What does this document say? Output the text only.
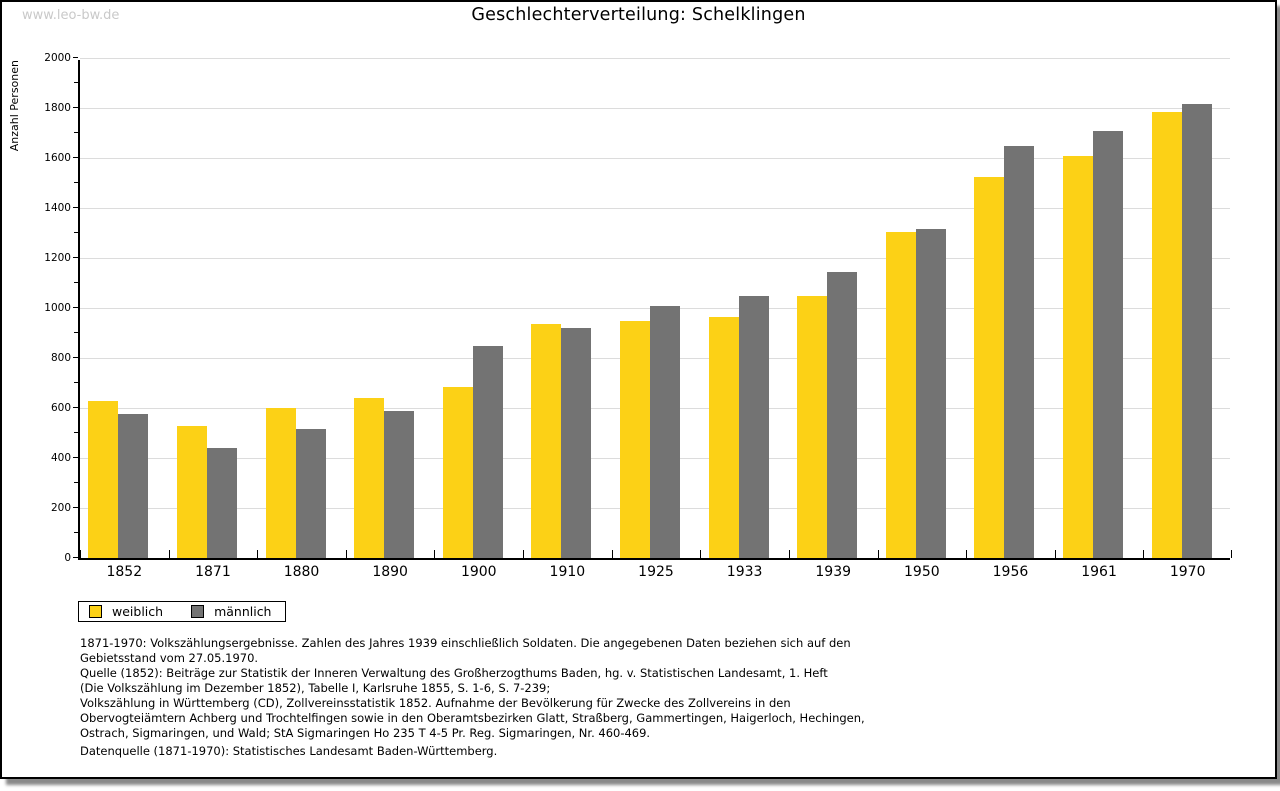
www.leo-bw.de	Geschlechterverteilung: Schelklingen
Anzahl Personen
0
200
400
600
800
1000
1200
1400
1600
1800
2000
1852	1871	1880	1890	1900	1910	1925	1933	1939	1950	1956	1961	1970
weiblich	männlich
1871-1970: Volkszählungsergebnisse. Zahlen des Jahres 1939 einschließlich Soldaten. Die angegebenen Daten beziehen sich auf den
Gebietsstand vom 27.05.1970.
Quelle (1852): Beiträge zur Statistik der Inneren Verwaltung des Großherzogthums Baden, hg. v. Statistischen Landesamt, 1. Heft
(Die Volkszählung im Dezember 1852), Tabelle I, Karlsruhe 1855, S. 1-6, S. 7-239;
Volkszählung in Württemberg (CD), Zollvereinsstatistik 1852. Aufnahme der Bevölkerung für Zwecke des Zollvereins in den
Obervogteiämtern Achberg und Trochtelfingen sowie in den Oberamtsbezirken Glatt, Straßberg, Gammertingen, Haigerloch, Hechingen,
Ostrach, Sigmaringen, und Wald; StA Sigmaringen Ho 235 T 4-5 Pr. Reg. Sigmaringen, Nr. 460-469.
Datenquelle (1871-1970): Statistisches Landesamt Baden-Württemberg.
